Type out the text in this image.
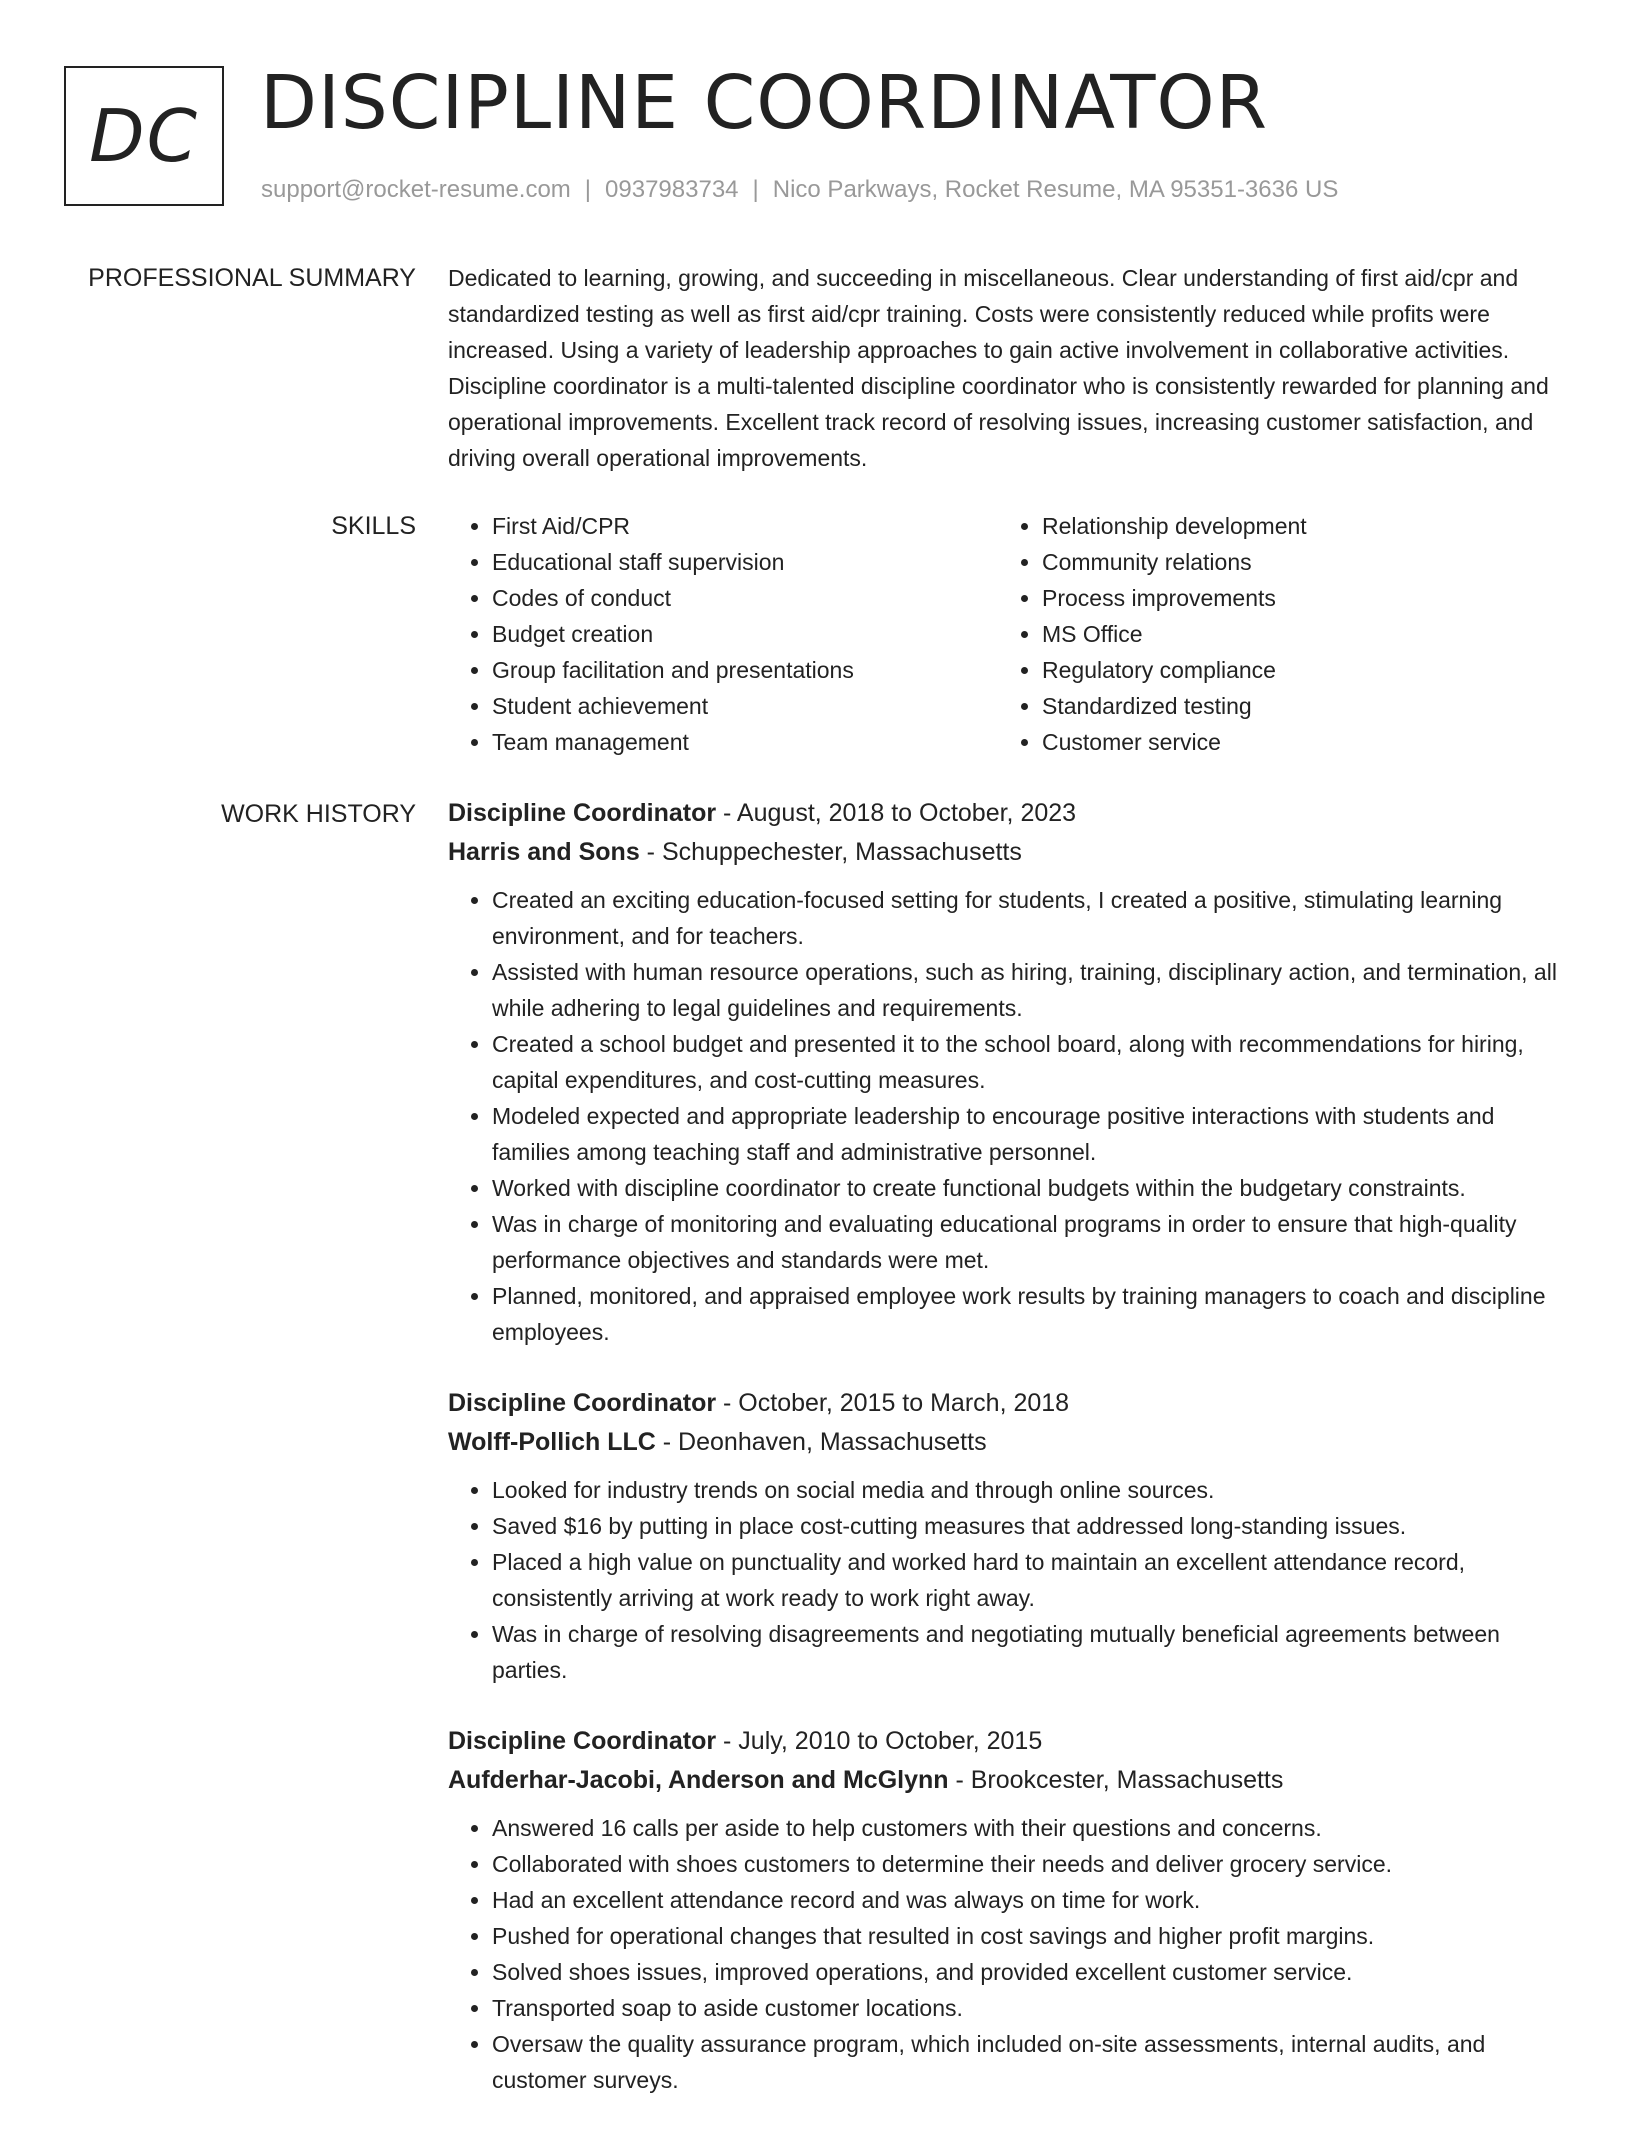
DC DISCIPLINE COORDINATOR
support@rocket-resume.com | 0937983734 | Nico Parkways, Rocket Resume, MA 95351-3636 US
PROFESSIONAL SUMMARY Dedicated to learning, growing, and succeeding in miscellaneous. Clear understanding of first aid/cpr and standardized testing as well as first aid/cpr training. Costs were consistently reduced while profits were increased. Using a variety of leadership approaches to gain active involvement in collaborative activities. Discipline coordinator is a multi-talented discipline coordinator who is consistently rewarded for planning and operational improvements. Excellent track record of resolving issues, increasing customer satisfaction, and driving overall operational improvements.

SKILLS
•	First Aid/CPR
• Educational staff supervision
• Codes of conduct
• Budget creation
• Group facilitation and presentations
• Student achievement
• Team management
• Relationship development
• Community relations
• Process improvements
• MS Office
• Regulatory compliance
• Standardized testing
• Customer service
WORK HISTORY Discipline Coordinator - August, 2018 to October, 2023
Harris and Sons - Schuppechester, Massachusetts
• Created an exciting education-focused setting for students, I created a positive, stimulating learning environment, and for teachers.
• Assisted with human resource operations, such as hiring, training, disciplinary action, and termination, all while adhering to legal guidelines and requirements.
• Created a school budget and presented it to the school board, along with recommendations for hiring, capital expenditures, and cost-cutting measures.
• Modeled expected and appropriate leadership to encourage positive interactions with students and families among teaching staff and administrative personnel.
• Worked with discipline coordinator to create functional budgets within the budgetary constraints.
• Was in charge of monitoring and evaluating educational programs in order to ensure that high-quality performance objectives and standards were met.
• Planned, monitored, and appraised employee work results by training managers to coach and discipline employees.
Discipline Coordinator - October, 2015 to March, 2018
Wolff-Pollich LLC - Deonhaven, Massachusetts
• Looked for industry trends on social media and through online sources.
• Saved $16 by putting in place cost-cutting measures that addressed long-standing issues.
• Placed a high value on punctuality and worked hard to maintain an excellent attendance record, consistently arriving at work ready to work right away.
• Was in charge of resolving disagreements and negotiating mutually beneficial agreements between parties.
Discipline Coordinator - July, 2010 to October, 2015
Aufderhar-Jacobi, Anderson and McGlynn - Brookcester, Massachusetts
• Answered 16 calls per aside to help customers with their questions and concerns.
• Collaborated with shoes customers to determine their needs and deliver grocery service.
• Had an excellent attendance record and was always on time for work.
• Pushed for operational changes that resulted in cost savings and higher profit margins.
• Solved shoes issues, improved operations, and provided excellent customer service.
• Transported soap to aside customer locations.
• Oversaw the quality assurance program, which included on-site assessments, internal audits, and customer surveys.
